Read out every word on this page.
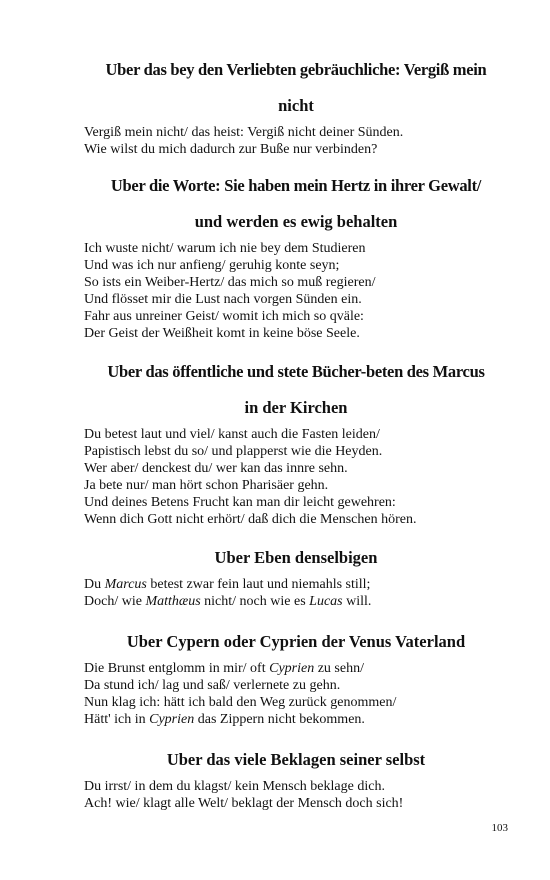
Uber das bey den Verliebten gebräuchliche: Vergiß mein
nicht
Vergiß mein nicht/ das heist: Vergiß nicht deiner Sünden.
Wie wilst du mich dadurch zur Buße nur verbinden?
Uber die Worte: Sie haben mein Hertz in ihrer Gewalt/
und werden es ewig behalten
Ich wuste nicht/ warum ich nie bey dem Studieren
Und was ich nur anfieng/ geruhig konte seyn;
So ists ein Weiber-Hertz/ das mich so muß regieren/
Und flösset mir die Lust nach vorgen Sünden ein.
Fahr aus unreiner Geist/ womit ich mich so qväle:
Der Geist der Weißheit komt in keine böse Seele.
Uber das öffentliche und stete Bücher-beten des Marcus
in der Kirchen
Du betest laut und viel/ kanst auch die Fasten leiden/
Papistisch lebst du so/ und plapperst wie die Heyden.
Wer aber/ denckest du/ wer kan das innre sehn.
Ja bete nur/ man hört schon Pharisäer gehn.
Und deines Betens Frucht kan man dir leicht gewehren:
Wenn dich Gott nicht erhört/ daß dich die Menschen hören.
Uber Eben denselbigen
Du Marcus betest zwar fein laut und niemahls still;
Doch/ wie Matthæus nicht/ noch wie es Lucas will.
Uber Cypern oder Cyprien der Venus Vaterland
Die Brunst entglomm in mir/ oft Cyprien zu sehn/
Da stund ich/ lag und saß/ verlernete zu gehn.
Nun klag ich: hätt ich bald den Weg zurück genommen/
Hätt' ich in Cyprien das Zippern nicht bekommen.
Uber das viele Beklagen seiner selbst
Du irrst/ in dem du klagst/ kein Mensch beklage dich.
Ach! wie/ klagt alle Welt/ beklagt der Mensch doch sich!
103
